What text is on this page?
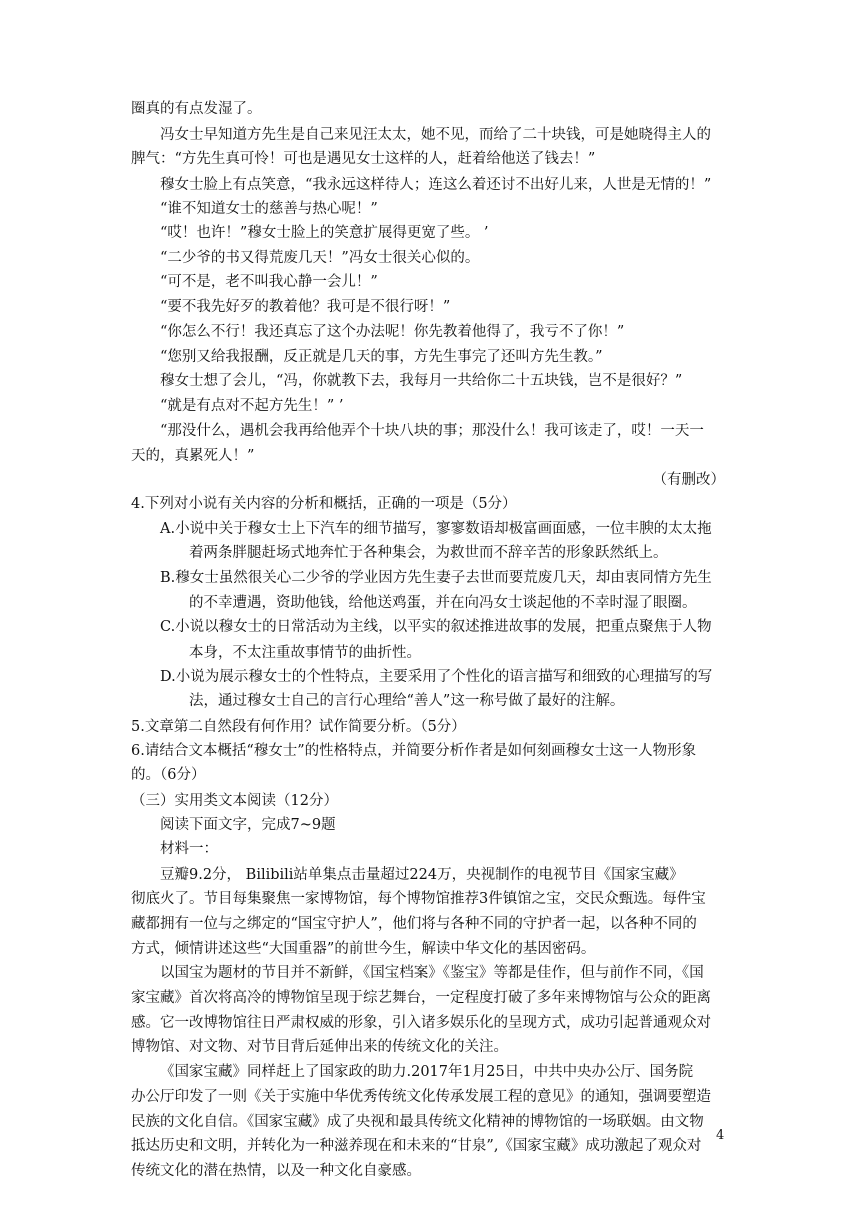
圈真的有点发湿了。
冯女士早知道方先生是自己来见汪太太，她不见，而给了二十块钱，可是她晓得主人的
脾气：“方先生真可怜！可也是遇见女士这样的人，赶着给他送了钱去！”
穆女士脸上有点笑意，“我永远这样待人；连这么着还讨不出好儿来，人世是无情的！”
“谁不知道女士的慈善与热心呢！”
“哎！也许！”穆女士脸上的笑意扩展得更宽了些。 ’
“二少爷的书又得荒废几天！”冯女士很关心似的。
“可不是，老不叫我心静一会儿！”
“要不我先好歹的教着他？我可是不很行呀！”
“你怎么不行！我还真忘了这个办法呢！你先教着他得了，我亏不了你！”
“您别又给我报酬，反正就是几天的事，方先生事完了还叫方先生教。”
穆女士想了会儿，“冯，你就教下去，我每月一共给你二十五块钱，岂不是很好？”
“就是有点对不起方先生！” ’
“那没什么，遇机会我再给他弄个十块八块的事；那没什么！我可该走了，哎！一天一
天的，真累死人！”
4.下列对小说有关内容的分析和概括，正确的一项是（5分）
A.小说中关于穆女士上下汽车的细节描写，寥寥数语却极富画面感，一位丰腴的太太拖
着两条胖腿赶场式地奔忙于各种集会，为救世而不辞辛苦的形象跃然纸上。
B.穆女士虽然很关心二少爷的学业因方先生妻子去世而要荒废几天，却由衷同情方先生
的不幸遭遇，资助他钱，给他送鸡蛋，并在向冯女士谈起他的不幸时湿了眼圈。
C.小说以穆女士的日常活动为主线，以平实的叙述推进故事的发展，把重点聚焦于人物
本身，不太注重故事情节的曲折性。
D.小说为展示穆女士的个性特点，主要采用了个性化的语言描写和细致的心理描写的写
法，通过穆女士自己的言行心理给“善人”这一称号做了最好的注解。
5.文章第二自然段有何作用？试作简要分析。（5分）
6.请结合文本概括“穆女士”的性格特点，并简要分析作者是如何刻画穆女士这一人物形象
的。（6分）
（三）实用类文本阅读（12分）
阅读下面文字，完成7~9题
材料一：
豆瓣9.2分， Bilibili站单集点击量超过224万，央视制作的电视节目《国家宝藏》
彻底火了。节目每集聚焦一家博物馆，每个博物馆推荐3件镇馆之宝，交民众甄选。每件宝
藏都拥有一位与之绑定的“国宝守护人”，他们将与各种不同的守护者一起，以各种不同的
方式，倾情讲述这些“大国重器”的前世今生，解读中华文化的基因密码。
以国宝为题材的节目并不新鲜，《国宝档案》《鉴宝》等都是佳作，但与前作不同，《国
家宝藏》首次将高冷的博物馆呈现于综艺舞台，一定程度打破了多年来博物馆与公众的距离
感。它一改博物馆往日严肃权威的形象，引入诸多娱乐化的呈现方式，成功引起普通观众对
博物馆、对文物、对节目背后延伸出来的传统文化的关注。
《国家宝藏》同样赶上了国家政的助力.2017年1月25日，中共中央办公厅、国务院
办公厅印发了一则《关于实施中华优秀传统文化传承发展工程的意见》的通知，强调要塑造
民族的文化自信。《国家宝藏》成了央视和最具传统文化精神的博物馆的一场联姻。由文物
抵达历史和文明，并转化为一种滋养现在和未来的“甘泉”,《国家宝藏》成功激起了观众对
传统文化的潜在热情，以及一种文化自豪感。
（有删改）
4
